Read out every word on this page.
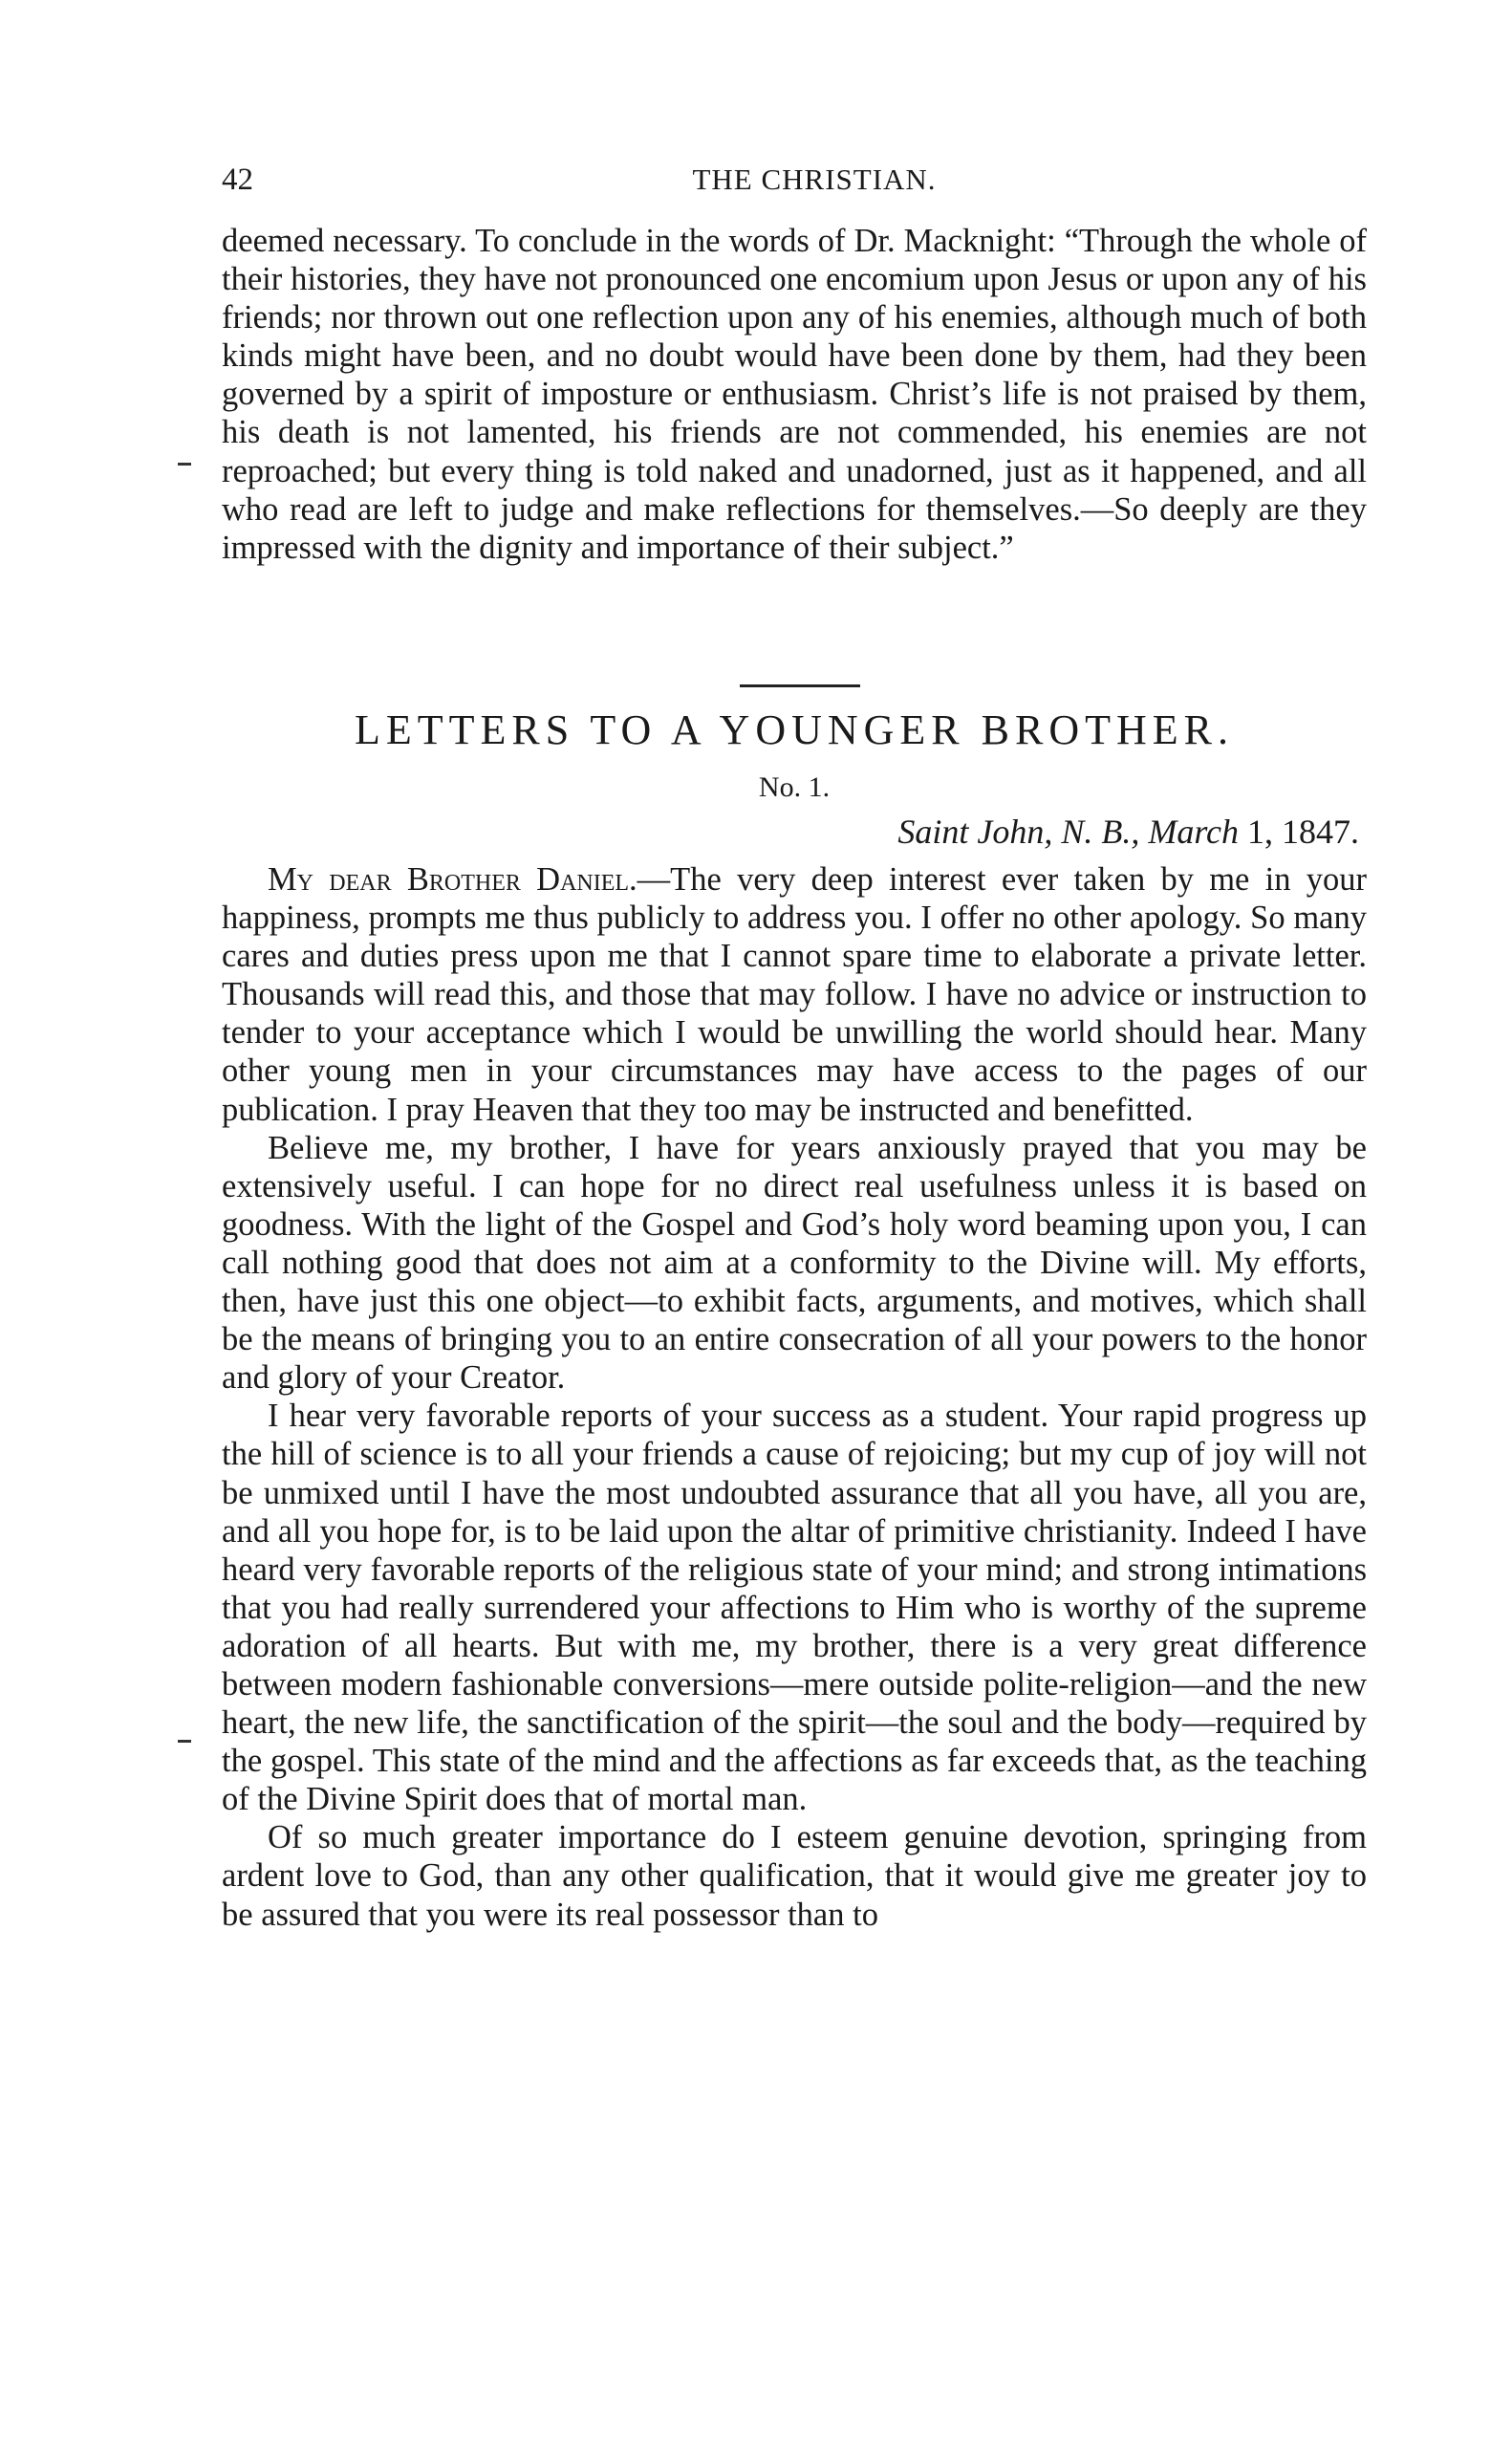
42	THE CHRISTIAN.

deemed necessary. To conclude in the words of Dr. Macknight: “Through the whole of their histories, they have not pronounced one encomium upon Jesus or upon any of his friends; nor thrown out one reflection upon any of his enemies, although much of both kinds might have been, and no doubt would have been done by them, had they been governed by a spirit of imposture or enthusiasm. Christ’s life is not praised by them, his death is not lamented, his friends are not commended, his enemies are not reproached; but every thing is told naked and unadorned, just as it happened, and all who read are left to judge and make reflections for themselves.—So deeply are they impressed with the dignity and importance of their subject.”

LETTERS TO A YOUNGER BROTHER.
No. 1.
Saint John, N. B., March 1, 1847.

My dear Brother Daniel.—The very deep interest ever taken by me in your happiness, prompts me thus publicly to address you. I offer no other apology. So many cares and duties press upon me that I cannot spare time to elaborate a private letter. Thousands will read this, and those that may follow. I have no advice or instruction to tender to your acceptance which I would be unwilling the world should hear. Many other young men in your circumstances may have access to the pages of our publication. I pray Heaven that they too may be instructed and benefitted.

Believe me, my brother, I have for years anxiously prayed that you may be extensively useful. I can hope for no direct real usefulness unless it is based on goodness. With the light of the Gospel and God’s holy word beaming upon you, I can call nothing good that does not aim at a conformity to the Divine will. My efforts, then, have just this one object—to exhibit facts, arguments, and motives, which shall be the means of bringing you to an entire consecration of all your powers to the honor and glory of your Creator.

I hear very favorable reports of your success as a student. Your rapid progress up the hill of science is to all your friends a cause of rejoicing; but my cup of joy will not be unmixed until I have the most undoubted assurance that all you have, all you are, and all you hope for, is to be laid upon the altar of primitive christianity. Indeed I have heard very favorable reports of the religious state of your mind; and strong intimations that you had really surrendered your affections to Him who is worthy of the supreme adoration of all hearts. But with me, my brother, there is a very great difference between modern fashionable conversions—mere outside polite-religion—and the new heart, the new life, the sanctification of the spirit—the soul and the body—required by the gospel. This state of the mind and the affections as far exceeds that, as the teaching of the Divine Spirit does that of mortal man.

Of so much greater importance do I esteem genuine devotion, springing from ardent love to God, than any other qualification, that it would give me greater joy to be assured that you were its real possessor than to
